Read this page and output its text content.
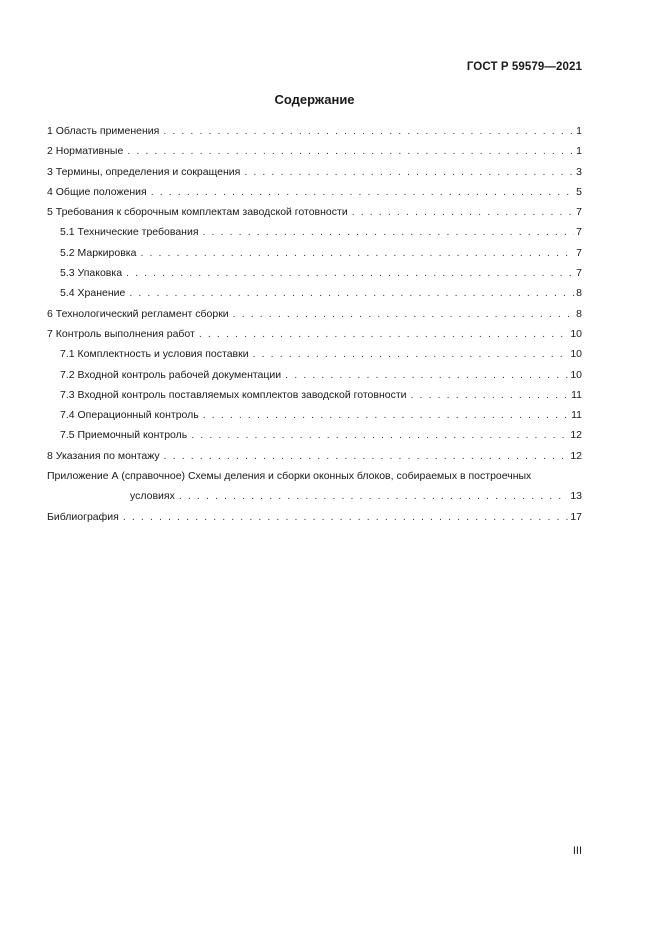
ГОСТ Р 59579—2021
Содержание
1 Область применения . . .	1
2 Нормативные . . .	1
3 Термины, определения и сокращения . . .	3
4 Общие положения . . .	5
5 Требования к сборочным комплектам заводской готовности . . .	7
5.1 Технические требования . . .	7
5.2 Маркировка . . .	7
5.3 Упаковка . . .	7
5.4 Хранение . . .	8
6 Технологический регламент сборки . . .	8
7 Контроль выполнения работ . . .	10
7.1 Комплектность и условия поставки . . .	10
7.2 Входной контроль рабочей документации . . .	10
7.3 Входной контроль поставляемых комплектов заводской готовности . . .	11
7.4 Операционный контроль . . .	11
7.5 Приемочный контроль . . .	12
8 Указания по монтажу . . .	12
Приложение А (справочное) Схемы деления и сборки оконных блоков, собираемых в построечных
условиях . . .	13
Библиография . . .	17
III
